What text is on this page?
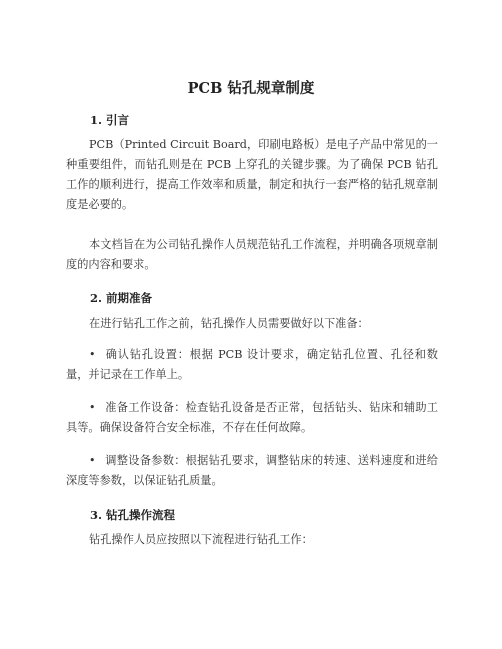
PCB 钻孔规章制度
1. 引言

PCB（Printed Circuit Board，印刷电路板）是电子产品中常见的一种重要组件，而钻孔则是在 PCB 上穿孔的关键步骤。为了确保 PCB 钻孔工作的顺利进行，提高工作效率和质量，制定和执行一套严格的钻孔规章制度是必要的。

本文档旨在为公司钻孔操作人员规范钻孔工作流程，并明确各项规章制度的内容和要求。

2. 前期准备

在进行钻孔工作之前，钻孔操作人员需要做好以下准备：

• 确认钻孔设置：根据 PCB 设计要求，确定钻孔位置、孔径和数量，并记录在工作单上。

• 准备工作设备：检查钻孔设备是否正常，包括钻头、钻床和辅助工具等。确保设备符合安全标准，不存在任何故障。

• 调整设备参数：根据钻孔要求，调整钻床的转速、送料速度和进给深度等参数，以保证钻孔质量。

3. 钻孔操作流程

钻孔操作人员应按照以下流程进行钻孔工作：
